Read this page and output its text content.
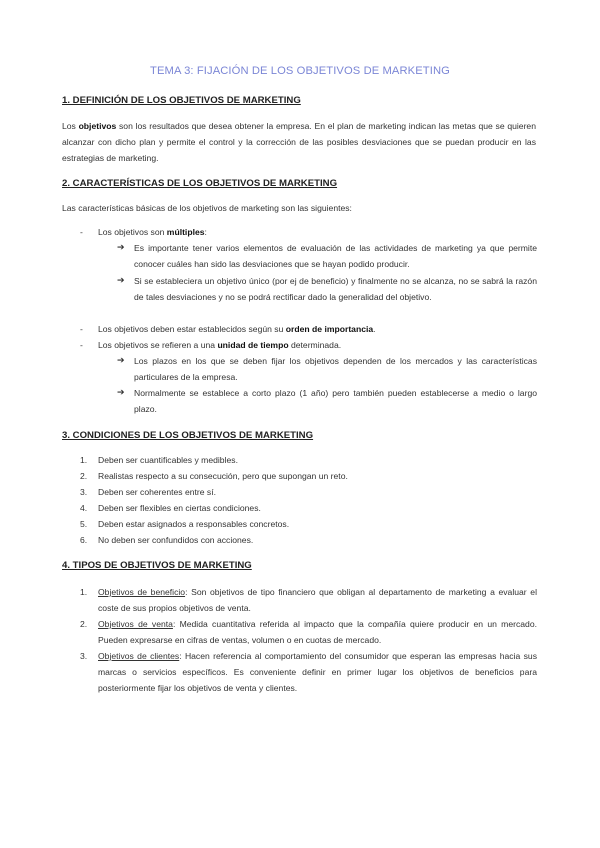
TEMA 3: FIJACIÓN DE LOS OBJETIVOS DE MARKETING
1. DEFINICIÓN DE LOS OBJETIVOS DE MARKETING
Los objetivos son los resultados que desea obtener la empresa. En el plan de marketing indican las metas que se quieren alcanzar con dicho plan y permite el control y la corrección de las posibles desviaciones que se puedan producir en las estrategias de marketing.
2. CARACTERÍSTICAS DE LOS OBJETIVOS DE MARKETING
Las características básicas de los objetivos de marketing son las siguientes:
- Los objetivos son múltiples:
➔ Es importante tener varios elementos de evaluación de las actividades de marketing ya que permite conocer cuáles han sido las desviaciones que se hayan podido producir.
➔ Si se estableciera un objetivo único (por ej de beneficio) y finalmente no se alcanza, no se sabrá la razón de tales desviaciones y no se podrá rectificar dado la generalidad del objetivo.
- Los objetivos deben estar establecidos según su orden de importancia.
- Los objetivos se refieren a una unidad de tiempo determinada.
➔ Los plazos en los que se deben fijar los objetivos dependen de los mercados y las características particulares de la empresa.
➔ Normalmente se establece a corto plazo (1 año) pero también pueden establecerse a medio o largo plazo.
3. CONDICIONES DE LOS OBJETIVOS DE MARKETING
1. Deben ser cuantificables y medibles.
2. Realistas respecto a su consecución, pero que supongan un reto.
3. Deben ser coherentes entre sí.
4. Deben ser flexibles en ciertas condiciones.
5. Deben estar asignados a responsables concretos.
6. No deben ser confundidos con acciones.
4. TIPOS DE OBJETIVOS DE MARKETING
1. Objetivos de beneficio: Son objetivos de tipo financiero que obligan al departamento de marketing a evaluar el coste de sus propios objetivos de venta.
2. Objetivos de venta: Medida cuantitativa referida al impacto que la compañía quiere producir en un mercado. Pueden expresarse en cifras de ventas, volumen o en cuotas de mercado.
3. Objetivos de clientes: Hacen referencia al comportamiento del consumidor que esperan las empresas hacia sus marcas o servicios específicos. Es conveniente definir en primer lugar los objetivos de beneficios para posteriormente fijar los objetivos de venta y clientes.
